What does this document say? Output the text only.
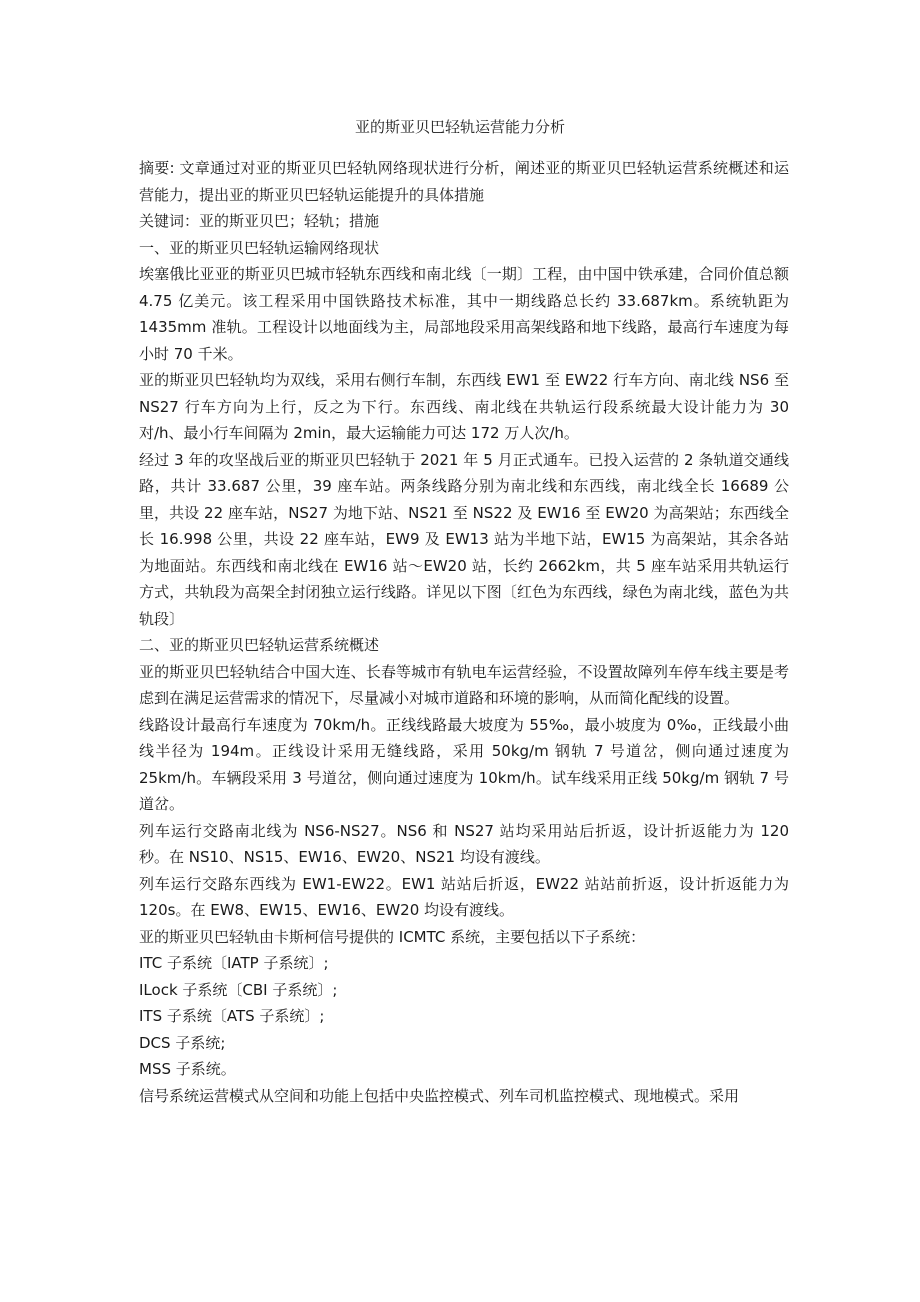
亚的斯亚贝巴轻轨运营能力分析

摘要: 文章通过对亚的斯亚贝巴轻轨网络现状进行分析，阐述亚的斯亚贝巴轻轨运营系统概述和运营能力，提出亚的斯亚贝巴轻轨运能提升的具体措施

关键词：亚的斯亚贝巴；轻轨；措施

一、亚的斯亚贝巴轻轨运输网络现状

埃塞俄比亚亚的斯亚贝巴城市轻轨东西线和南北线〔一期〕工程，由中国中铁承建，合同价值总额 4.75 亿美元。该工程采用中国铁路技术标准，其中一期线路总长约 33.687km。系统轨距为 1435mm 准轨。工程设计以地面线为主，局部地段采用高架线路和地下线路，最高行车速度为每小时 70 千米。

亚的斯亚贝巴轻轨均为双线，采用右侧行车制，东西线 EW1 至 EW22 行车方向、南北线 NS6 至 NS27 行车方向为上行，反之为下行。东西线、南北线在共轨运行段系统最大设计能力为 30 对/h、最小行车间隔为 2min，最大运输能力可达 172 万人次/h。

经过 3 年的攻坚战后亚的斯亚贝巴轻轨于 2021 年 5 月正式通车。已投入运营的 2 条轨道交通线路，共计 33.687 公里，39 座车站。两条线路分别为南北线和东西线，南北线全长 16689 公里，共设 22 座车站，NS27 为地下站、NS21 至 NS22 及 EW16 至 EW20 为高架站；东西线全长 16.998 公里，共设 22 座车站，EW9 及 EW13 站为半地下站，EW15 为高架站，其余各站为地面站。东西线和南北线在 EW16 站～EW20 站，长约 2662km，共 5 座车站采用共轨运行方式，共轨段为高架全封闭独立运行线路。详见以下图〔红色为东西线，绿色为南北线，蓝色为共轨段〕

二、亚的斯亚贝巴轻轨运营系统概述

亚的斯亚贝巴轻轨结合中国大连、长春等城市有轨电车运营经验，不设置故障列车停车线主要是考虑到在满足运营需求的情况下，尽量减小对城市道路和环境的影响，从而简化配线的设置。

线路设计最高行车速度为 70km/h。正线线路最大坡度为 55‰，最小坡度为 0‰，正线最小曲线半径为 194m。正线设计采用无缝线路，采用 50kg/m 钢轨 7 号道岔，侧向通过速度为 25km/h。车辆段采用 3 号道岔，侧向通过速度为 10km/h。试车线采用正线 50kg/m 钢轨 7 号道岔。

列车运行交路南北线为 NS6-NS27。NS6 和 NS27 站均采用站后折返，设计折返能力为 120 秒。在 NS10、NS15、EW16、EW20、NS21 均设有渡线。

列车运行交路东西线为 EW1-EW22。EW1 站站后折返，EW22 站站前折返，设计折返能力为 120s。在 EW8、EW15、EW16、EW20 均设有渡线。

亚的斯亚贝巴轻轨由卡斯柯信号提供的 ICMTC 系统，主要包括以下子系统：

ITC 子系统〔IATP 子系统〕;

ILock 子系统〔CBI 子系统〕;

ITS 子系统〔ATS 子系统〕;

DCS 子系统;

MSS 子系统。

信号系统运营模式从空间和功能上包括中央监控模式、列车司机监控模式、现地模式。采用
